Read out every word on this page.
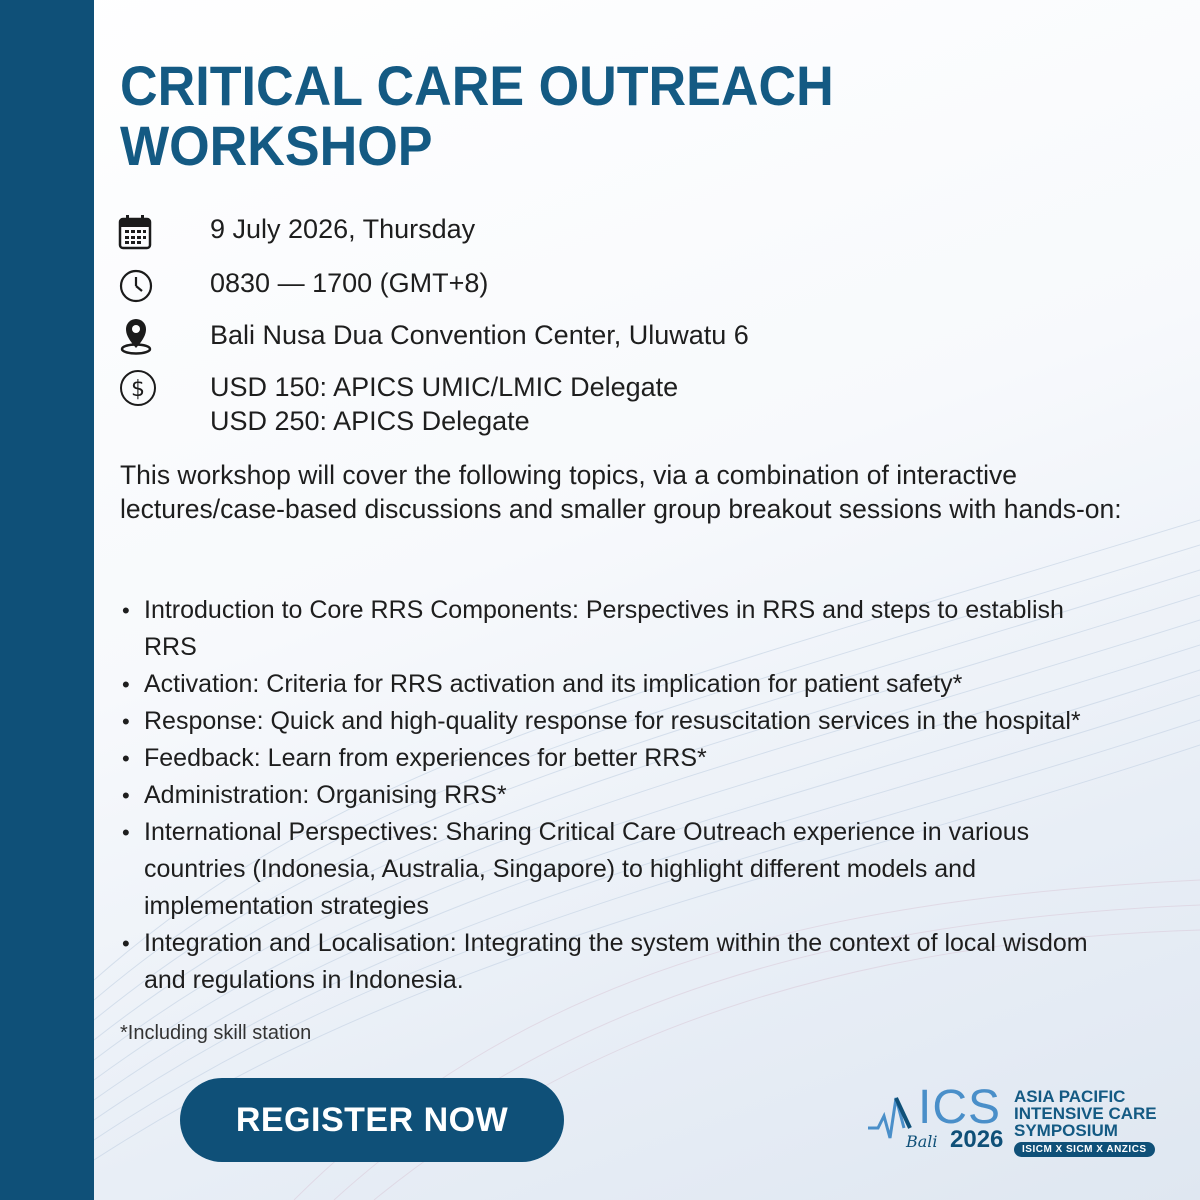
CRITICAL CARE OUTREACH WORKSHOP
9 July 2026, Thursday
0830 — 1700 (GMT+8)
Bali Nusa Dua Convention Center, Uluwatu 6
$ USD 150: APICS UMIC/LMIC Delegate
USD 250: APICS Delegate

This workshop will cover the following topics, via a combination of interactive lectures/case-based discussions and smaller group breakout sessions with hands-on:

• Introduction to Core RRS Components: Perspectives in RRS and steps to establish RRS
• Activation: Criteria for RRS activation and its implication for patient safety*
• Response: Quick and high-quality response for resuscitation services in the hospital*
• Feedback: Learn from experiences for better RRS*
• Administration: Organising RRS*
• International Perspectives: Sharing Critical Care Outreach experience in various countries (Indonesia, Australia, Singapore) to highlight different models and implementation strategies
• Integration and Localisation: Integrating the system within the context of local wisdom and regulations in Indonesia.
*Including skill station
REGISTER NOW	ICS
Bali 2026
ASIA PACIFIC
INTENSIVE CARE
SYMPOSIUM
ISICM X SICM X ANZICS
